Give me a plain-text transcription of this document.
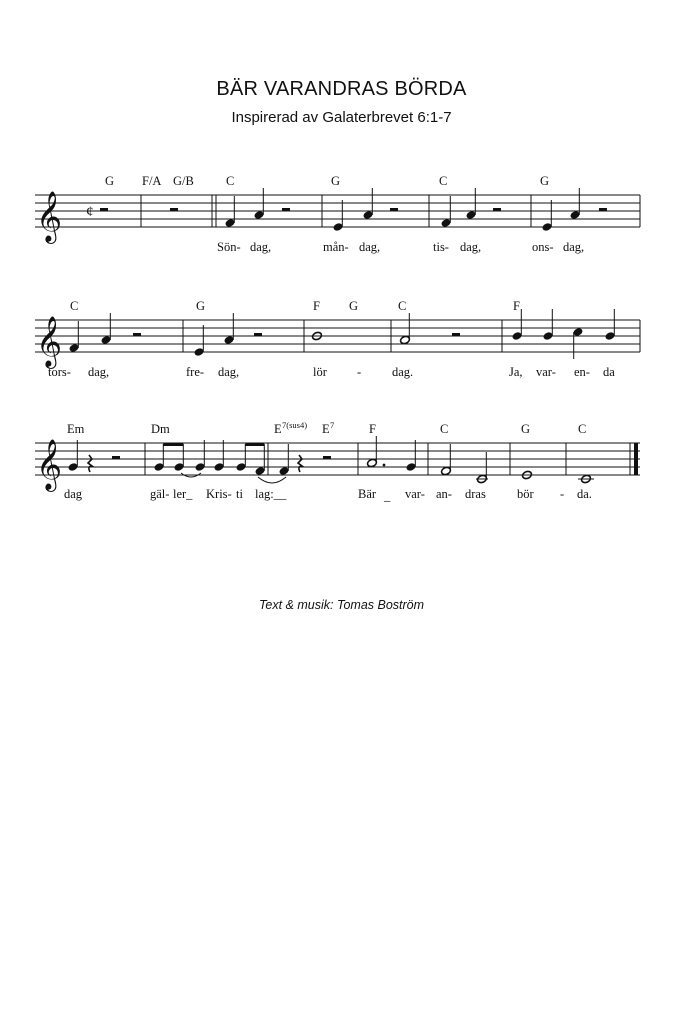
BÄR VARANDRAS BÖRDA
Inspirerad av Galaterbrevet 6:1-7
𝄞 ¢
G F/A G/B	C	G	C	G
Sön- dag,	mån- dag,	tis- dag,	ons- dag,
𝄞
C	G	F G	C	F
tors- dag,	fre- dag,	lör - dag.	Ja, var- en- da
𝄞
Em	Dm	E 7(sus4) E 7	F	C	G	C
dag	gäl- ler_ Kris- ti lag:__	Bär _ var- an- dras bör - da.
Text & musik: Tomas Boström
